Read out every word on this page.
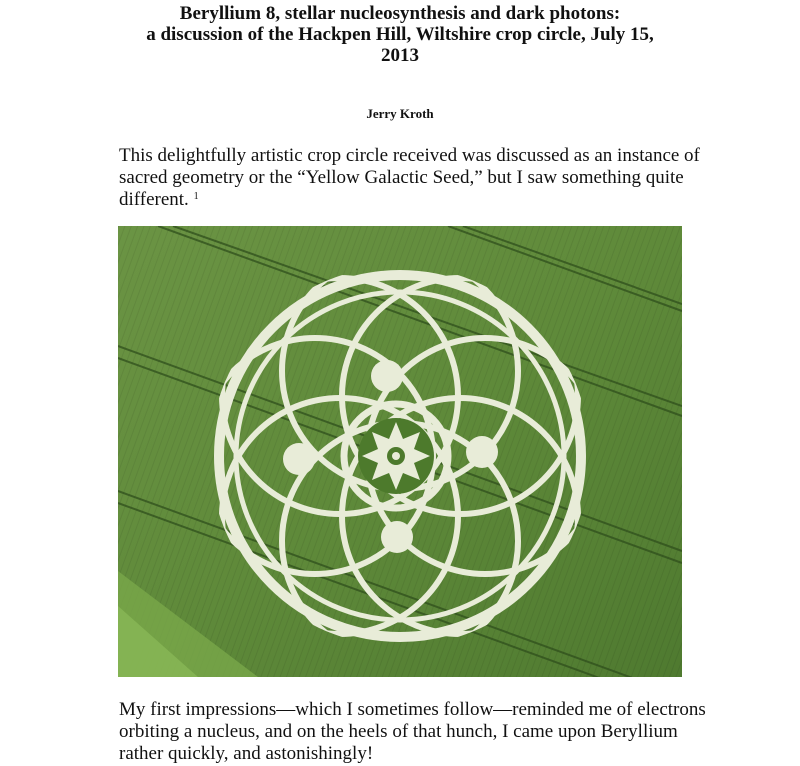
Beryllium 8, stellar nucleosynthesis and dark photons:
a discussion of the Hackpen Hill, Wiltshire crop circle, July 15,
2013
Jerry Kroth
This delightfully artistic crop circle received was discussed as an instance of sacred geometry or the “Yellow Galactic Seed,” but I saw something quite different. $^1$
My first impressions—which I sometimes follow—reminded me of electrons orbiting a nucleus, and on the heels of that hunch, I came upon Beryllium rather quickly, and astonishingly!
